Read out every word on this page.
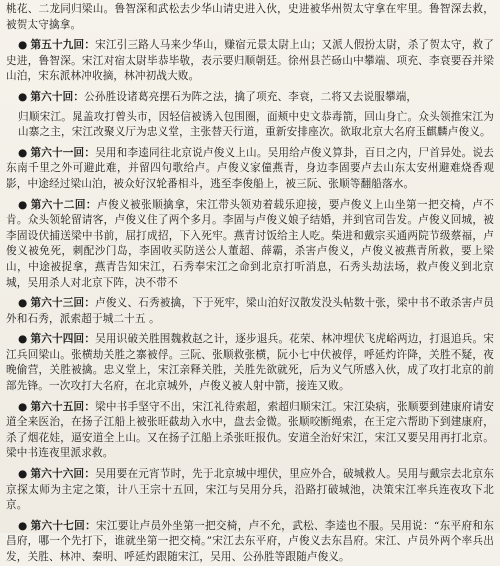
桃花、二龙同归梁山。鲁智深和武松去少华山请史进入伙，史进被华州贺太守拿在牢里。鲁智深去救，被贺太守擒拿。

● 第五十九回：宋江引三路人马来少华山，赚宿元景太尉上山；又派人假扮太尉，杀了贺太守，救了史进，鲁智深。宋江对宿太尉毕恭毕敬，表示要归顺朝廷。徐州县芒砀山中攀端、项充、李衰要吞并梁山泊，宋东派林冲收摘，林冲初战大败。

● 第六十回：公孙胜设诸葛亮摆石为阵之法，擒了项充、李衰，二将又去说服攀端，

归顺宋江。晁盖攻打曾头市，因轻信被诱入包围圈，面颊中史文恭毒箭，回山身亡。众头领推宋江为山寨之主，宋江改聚义厅为忠义堂，主张替天行道，重新安排座次。欲取北京大名府玉麒麟卢俊义。

● 第六十一回：吴用和李逵同往北京说卢俊义上山。吴用给卢俊义算卦，百日之内，尸首异处。说去东南千里之外可避此难，并留四句歌给卢。卢俊义家僮燕青，身边李固要卢去山东太安州避难烧香观影，中途经过梁山泊，被众好汉轮番相斗，逃至李俊船上，被三阮、张顺等翻船落水。

● 第六十二回：卢俊义被张顺擒拿，宋江带头领劝着载乐迎接，要卢俊义上山坐第一把交椅，卢不肯。众头领轮留请客，卢俊义住了两个多月。李固与卢俊义娘子结婚，并到官司告发。卢俊义回城，被李固设伏捕送梁中书前，屈打成招，下入死牢。燕青讨饭给主人吃。柴进和戴宗买通两院节级蔡福，卢俊义被免死，刺配沙门岛，李固收买防送公人董超、薛霸，杀害卢俊义，卢俊义被燕青所救，要上梁山，中途被捉拿，燕青告知宋江，石秀奉宋江之命到北京打听消息，石秀头劫法场，救卢俊义到北京城，吴用杀人对北京下阵，决不带不

● 第六十三回：卢俊义、石秀被擒，下于死牢，梁山泊好汉散发没头帖数十张，梁中书不敢杀害卢员外和石秀，派索超于城二十五 。

● 第六十四回：吴用识破关胜围魏救赵之计，逐步退兵。花荣、林冲埋伏飞虎峪两边，打退追兵。宋江兵回梁山。张横劫关胜之寨被俘。三阮、张顺救张横，阮小七中伏被俘，呼延灼许降，关胜不疑，夜晚偷营，关胜被擒。忠义堂上，宋江亲释关胜，关胜先欲就死，后为义气所感入伙，成了攻打北京的前部先锋。一次攻打大名府，在北京城外，卢俊义被人射中箭，接连又败。

● 第六十五回：梁中书手坚守不出，宋江礼待索超，索超归顺宋江。宋江染病，张顺要到建康府请安道全来医治，在扬子江船上被张旺截劫入水中，盘去金微。张顺咬断绳索，在王定六帮助下到建康府，杀了烟花娃，逼安道全上山。又在扬子江船上杀张旺报仇。安道全治好宋江，宋江又要吴用再打北京。梁中书连夜里派求救。

● 第六十六回：吴用要在元宵节时，先于北京城中埋伏，里应外合，破城救人。吴用与戴宗去北京东京探太师为主定之策，计八王宗十五回，宋江与吴用分兵，沿路打破城池，决策宋江率兵连夜攻下北京。

● 第六十七回：宋江要让卢员外坐第一把交椅，卢不允，武松、李逵也不服。吴用说：“东平府和东昌府，哪一个先打下，谁就坐第一把交椅。”宋江去东平府，卢俊义去东昌府。宋江、卢员外两个率兵出发，关胜、林冲、秦明、呼延灼跟随宋江，吴用、公孙胜等跟随卢俊义。
